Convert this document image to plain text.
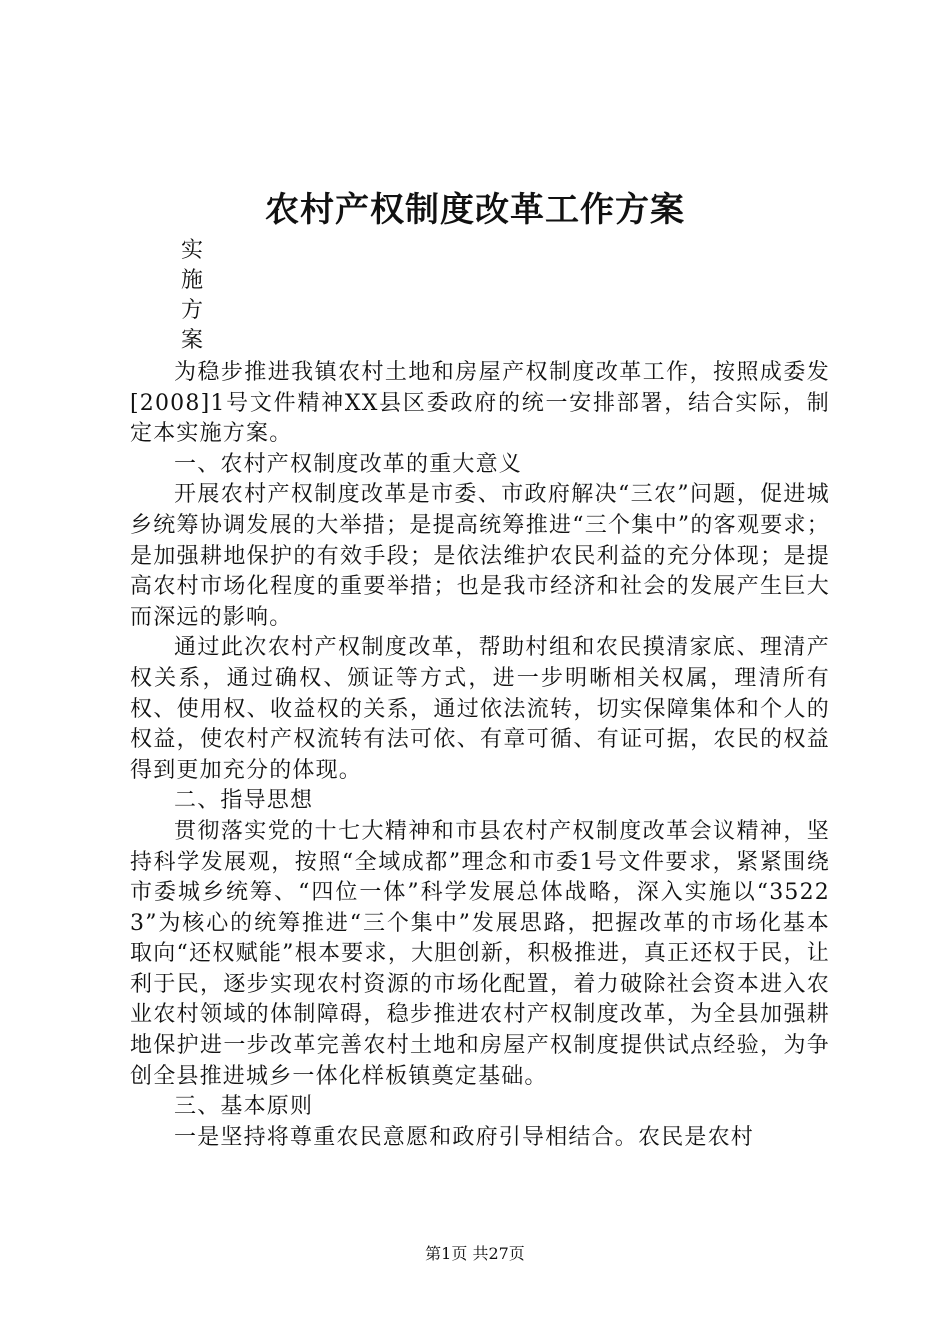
农村产权制度改革工作方案
实
施
方
案

为稳步推进我镇农村土地和房屋产权制度改革工作，按照成委发[2008]1号文件精神XX县区委政府的统一安排部署，结合实际，制定本实施方案。

一、农村产权制度改革的重大意义

开展农村产权制度改革是市委、市政府解决“三农”问题，促进城乡统筹协调发展的大举措；是提高统筹推进“三个集中”的客观要求；是加强耕地保护的有效手段；是依法维护农民利益的充分体现；是提高农村市场化程度的重要举措；也是我市经济和社会的发展产生巨大而深远的影响。

通过此次农村产权制度改革，帮助村组和农民摸清家底、理清产权关系，通过确权、颁证等方式，进一步明晰相关权属，理清所有权、使用权、收益权的关系，通过依法流转，切实保障集体和个人的权益，使农村产权流转有法可依、有章可循、有证可据，农民的权益得到更加充分的体现。

二、指导思想

贯彻落实党的十七大精神和市县农村产权制度改革会议精神，坚持科学发展观，按照“全域成都”理念和市委1号文件要求，紧紧围绕市委城乡统筹、“四位一体”科学发展总体战略，深入实施以“35223”为核心的统筹推进“三个集中”发展思路，把握改革的市场化基本取向“还权赋能”根本要求，大胆创新，积极推进，真正还权于民，让利于民，逐步实现农村资源的市场化配置，着力破除社会资本进入农业农村领域的体制障碍，稳步推进农村产权制度改革，为全县加强耕地保护进一步改革完善农村土地和房屋产权制度提供试点经验，为争创全县推进城乡一体化样板镇奠定基础。

三、基本原则

一是坚持将尊重农民意愿和政府引导相结合。农民是农村

第1页 共27页
